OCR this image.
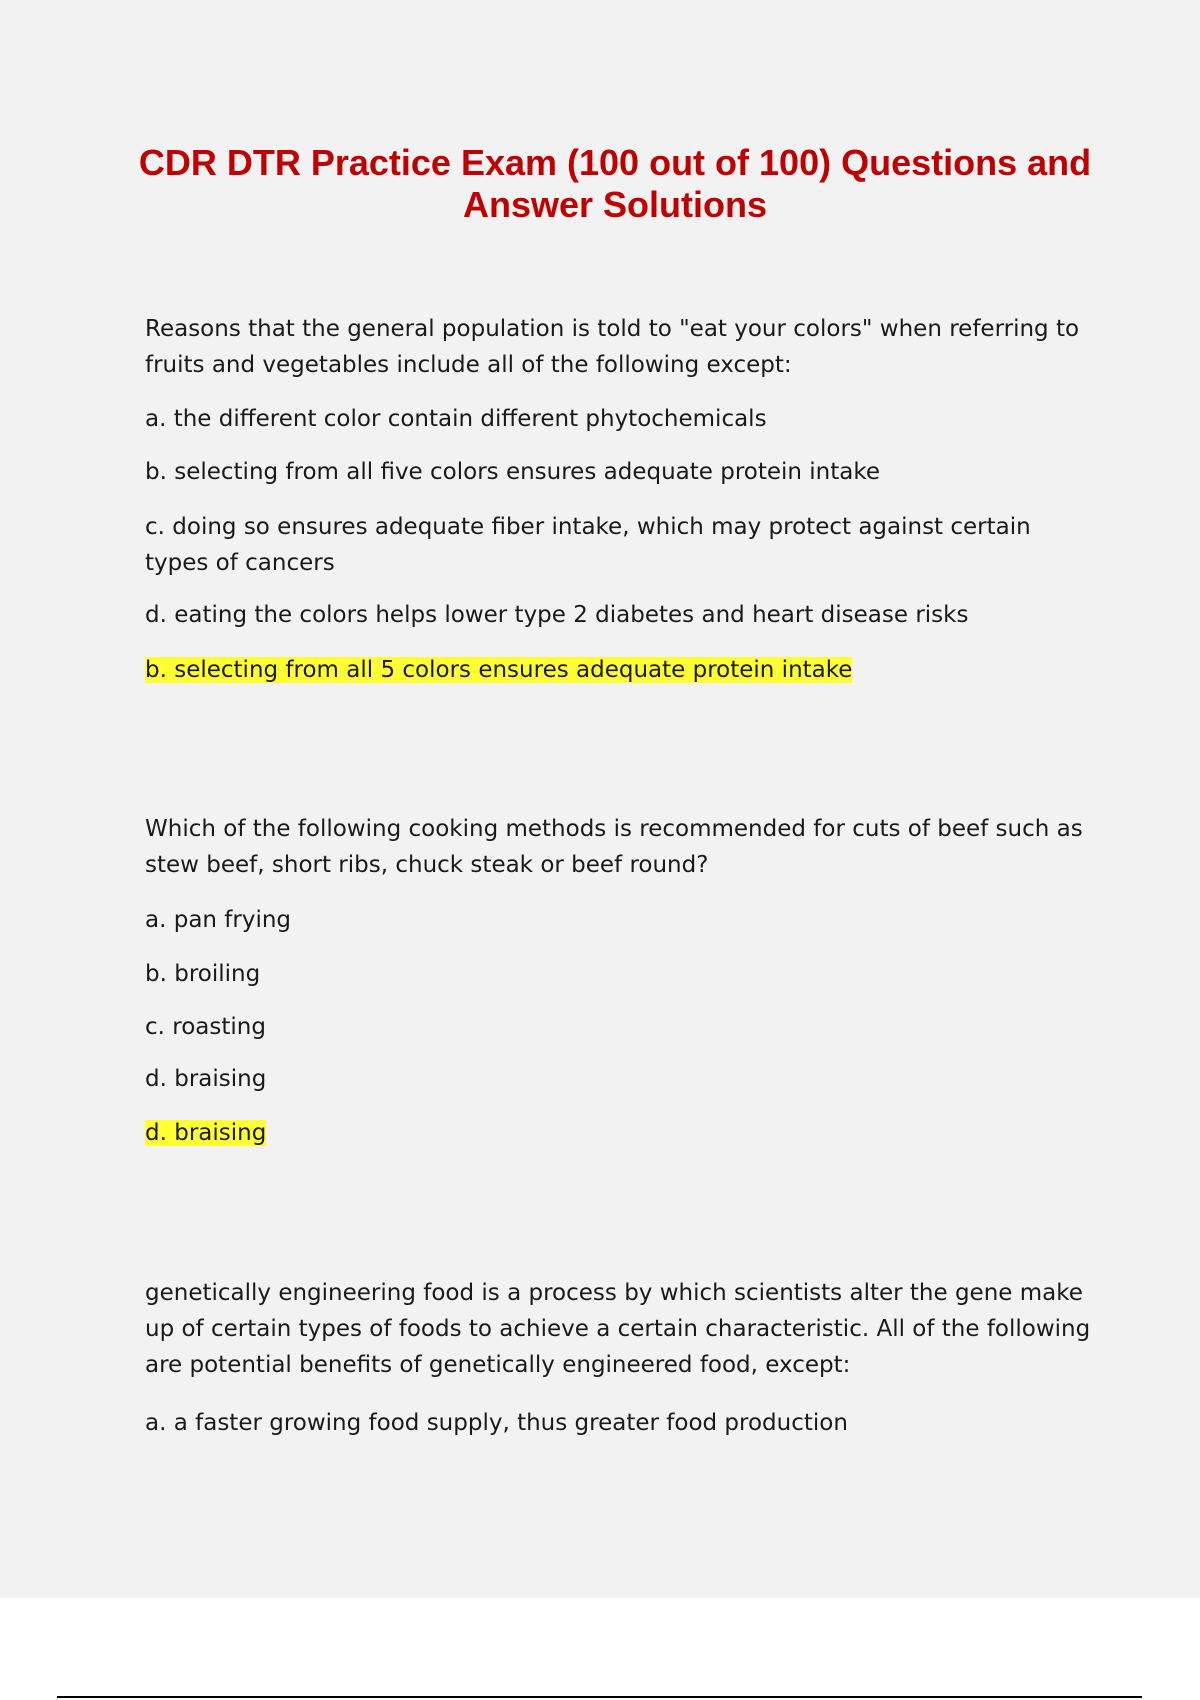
CDR DTR Practice Exam (100 out of 100) Questions and Answer Solutions

Reasons that the general population is told to "eat your colors" when referring to fruits and vegetables include all of the following except:

a. the different color contain different phytochemicals

b. selecting from all five colors ensures adequate protein intake

c. doing so ensures adequate fiber intake, which may protect against certain types of cancers

d. eating the colors helps lower type 2 diabetes and heart disease risks

b. selecting from all 5 colors ensures adequate protein intake

Which of the following cooking methods is recommended for cuts of beef such as stew beef, short ribs, chuck steak or beef round?

a. pan frying

b. broiling

c. roasting

d. braising

d. braising

genetically engineering food is a process by which scientists alter the gene make up of certain types of foods to achieve a certain characteristic. All of the following are potential benefits of genetically engineered food, except:

a. a faster growing food supply, thus greater food production
